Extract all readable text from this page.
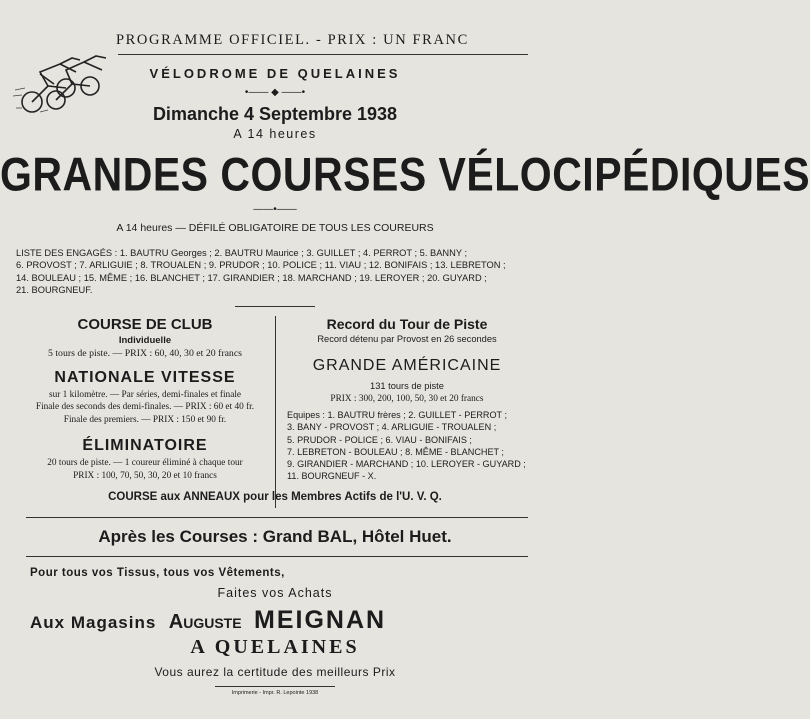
PROGRAMME OFFICIEL. - PRIX : UN FRANC
VÉLODROME DE QUELAINES
•—— ◆ ——•
Dimanche 4 Septembre 1938
A 14 heures
GRANDES COURSES VÉLOCIPÉDIQUES
——•——
A 14 heures — DÉFILÉ OBLIGATOIRE DE TOUS LES COUREURS
LISTE DES ENGAGÉS : 1. BAUTRU Georges ; 2. BAUTRU Maurice ; 3. GUILLET ; 4. PERROT ; 5. BANNY ;
6. PROVOST ; 7. ARLIGUIE ; 8. TROUALEN ; 9. PRUDOR ; 10. POLICE ; 11. VIAU ; 12. BONIFAIS ; 13. LEBRETON ;
14. BOULEAU ; 15. MÊME ; 16. BLANCHET ; 17. GIRANDIER ; 18. MARCHAND ; 19. LEROYER ; 20. GUYARD ;
21. BOURGNEUF.
COURSE DE CLUB
Individuelle
5 tours de piste. — PRIX : 60, 40, 30 et 20 francs
NATIONALE VITESSE
sur 1 kilomètre. — Par séries, demi-finales et finale
Finale des seconds des demi-finales. — PRIX : 60 et 40 fr.
Finale des premiers. — PRIX : 150 et 90 fr.
ÉLIMINATOIRE
20 tours de piste. — 1 coureur éliminé à chaque tour
PRIX : 100, 70, 50, 30, 20 et 10 francs
Record du Tour de Piste
Record détenu par Provost en 26 secondes
GRANDE AMÉRICAINE
131 tours de piste
PRIX : 300, 200, 100, 50, 30 et 20 francs
Equipes : 1. BAUTRU frères ; 2. GUILLET - PERROT ;
3. BANY - PROVOST ; 4. ARLIGUIE - TROUALEN ;
5. PRUDOR - POLICE ; 6. VIAU - BONIFAIS ;
7. LEBRETON - BOULEAU ; 8. MÊME - BLANCHET ;
9. GIRANDIER - MARCHAND ; 10. LEROYER - GUYARD ;
11. BOURGNEUF - X.
COURSE aux ANNEAUX pour les Membres Actifs de l'U. V. Q.
Après les Courses : Grand BAL, Hôtel Huet.
Pour tous vos Tissus, tous vos Vêtements,
Faites vos Achats
Aux Magasins Auguste MEIGNAN
A QUELAINES
Vous aurez la certitude des meilleurs Prix
Imprimerie - Impr. R. Lepointe 1938
